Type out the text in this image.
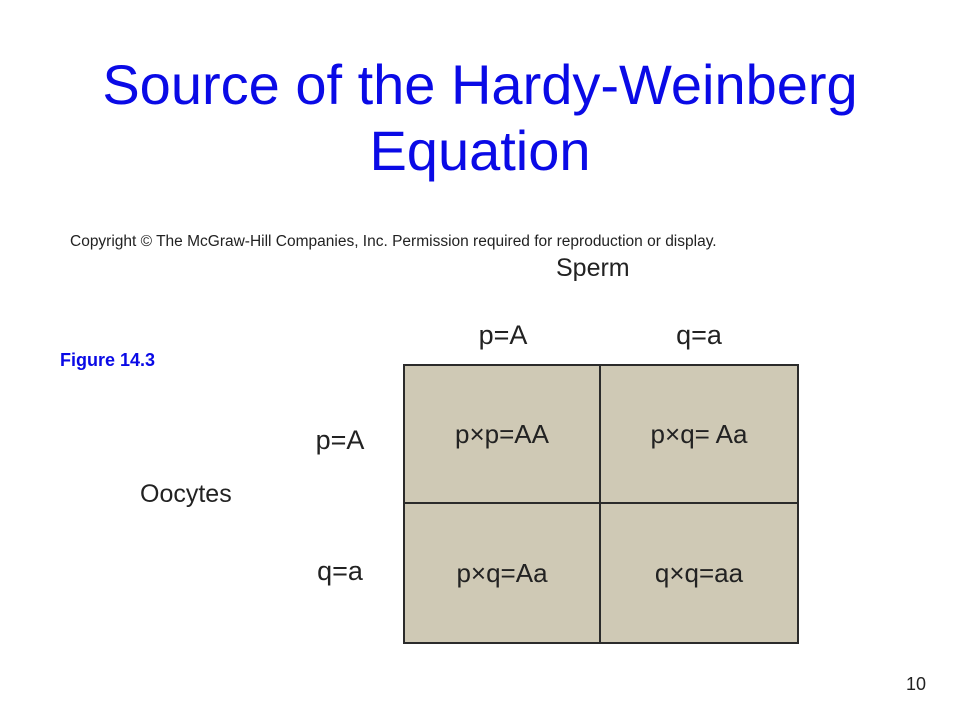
Source of the Hardy-Weinberg Equation
Copyright © The McGraw-Hill Companies, Inc. Permission required for reproduction or display.
Sperm
Figure 14.3
p=A	q=a
p=A
q=a
Oocytes
p×p=AA	p×q= Aa
p×q=Aa	q×q=aa
10
